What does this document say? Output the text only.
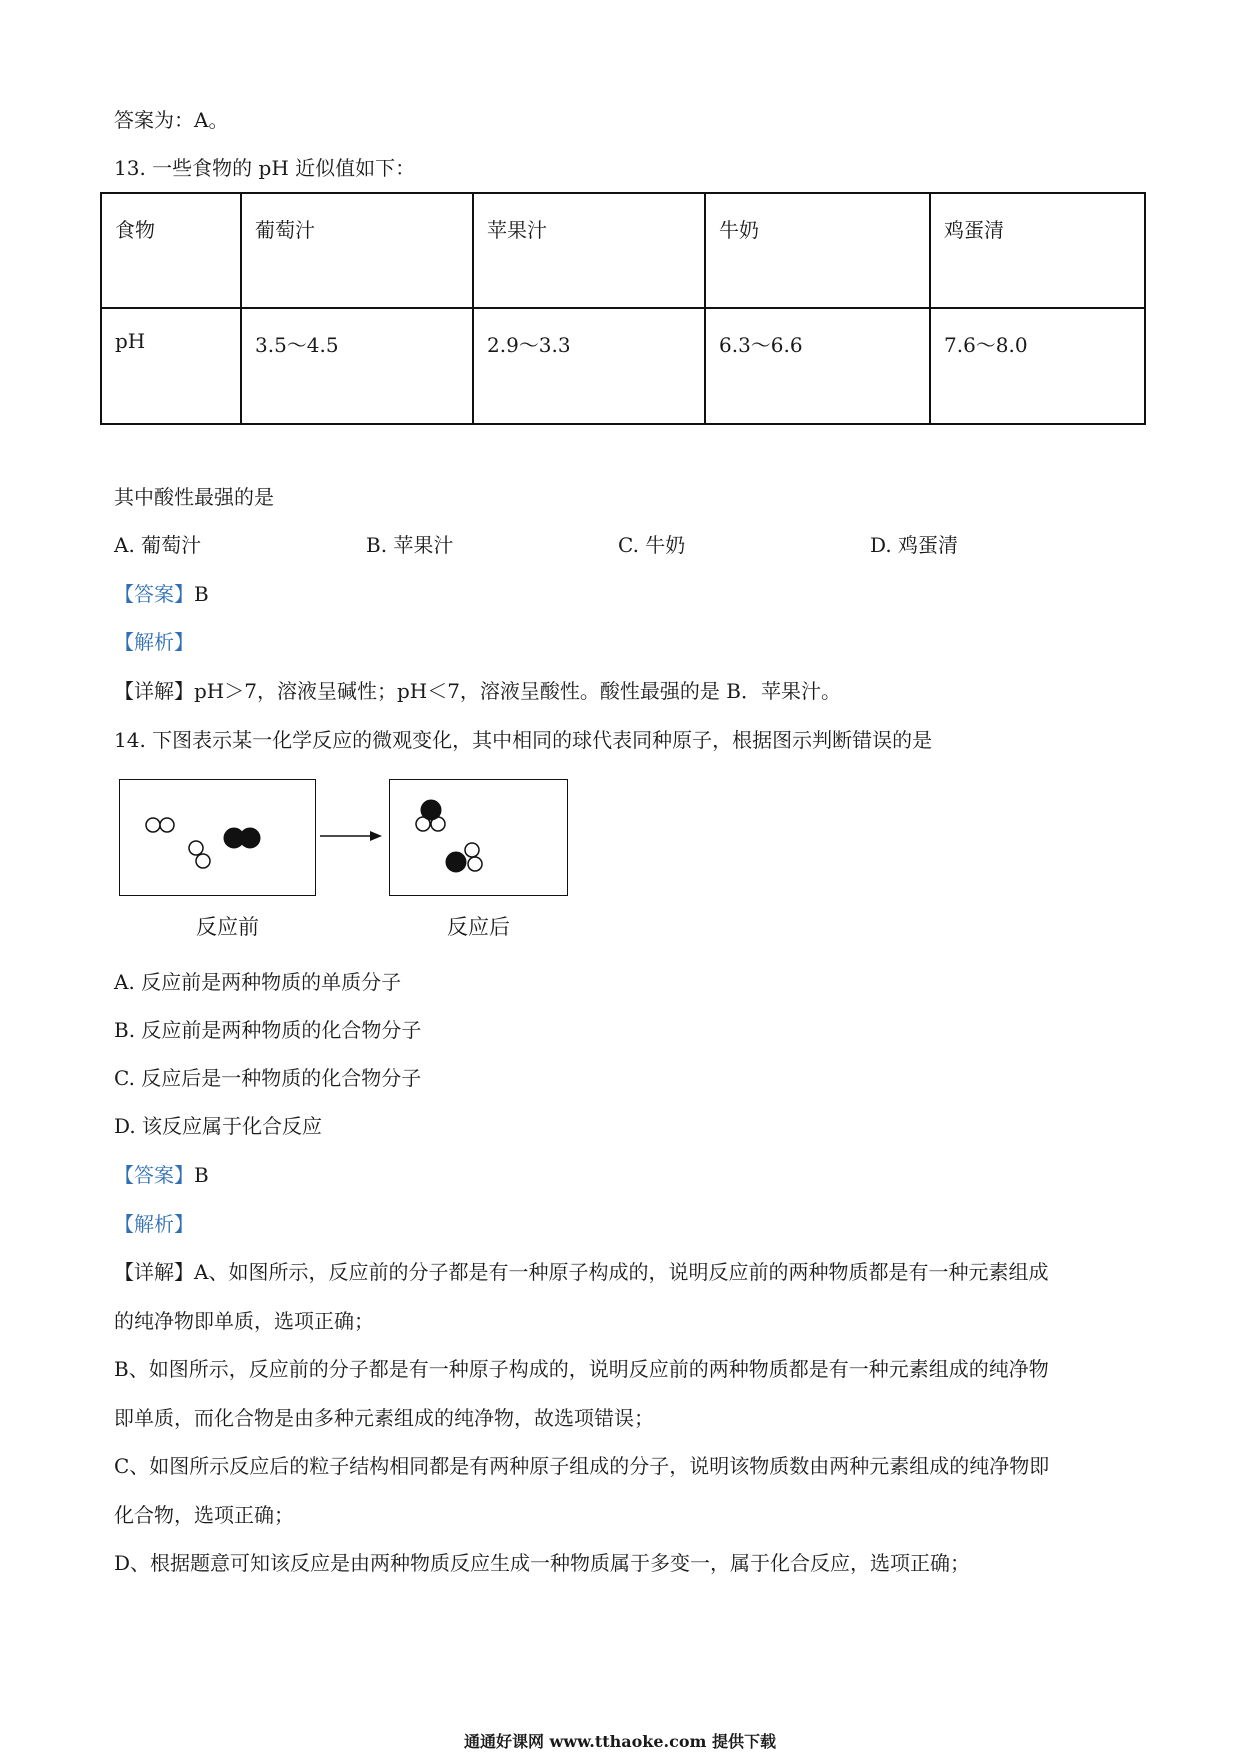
答案为：A。
13. 一些食物的 pH 近似值如下：
食物	葡萄汁	苹果汁	牛奶	鸡蛋清
pH	3.5～4.5	2.9～3.3	6.3～6.6	7.6～8.0
其中酸性最强的是
A. 葡萄汁	B. 苹果汁	C. 牛奶	D. 鸡蛋清
【答案】B
【解析】
【详解】pH＞7，溶液呈碱性；pH＜7，溶液呈酸性。酸性最强的是 B．苹果汁。
14. 下图表示某一化学反应的微观变化，其中相同的球代表同种原子，根据图示判断错误的是
反应前	反应后
A. 反应前是两种物质的单质分子
B. 反应前是两种物质的化合物分子
C. 反应后是一种物质的化合物分子
D. 该反应属于化合反应
【答案】B
【解析】
【详解】A、如图所示，反应前的分子都是有一种原子构成的，说明反应前的两种物质都是有一种元素组成
的纯净物即单质，选项正确；
B、如图所示，反应前的分子都是有一种原子构成的，说明反应前的两种物质都是有一种元素组成的纯净物
即单质，而化合物是由多种元素组成的纯净物，故选项错误；
C、如图所示反应后的粒子结构相同都是有两种原子组成的分子，说明该物质数由两种元素组成的纯净物即
化合物，选项正确；
D、根据题意可知该反应是由两种物质反应生成一种物质属于多变一，属于化合反应，选项正确；
通通好课网 www.tthaoke.com 提供下载
